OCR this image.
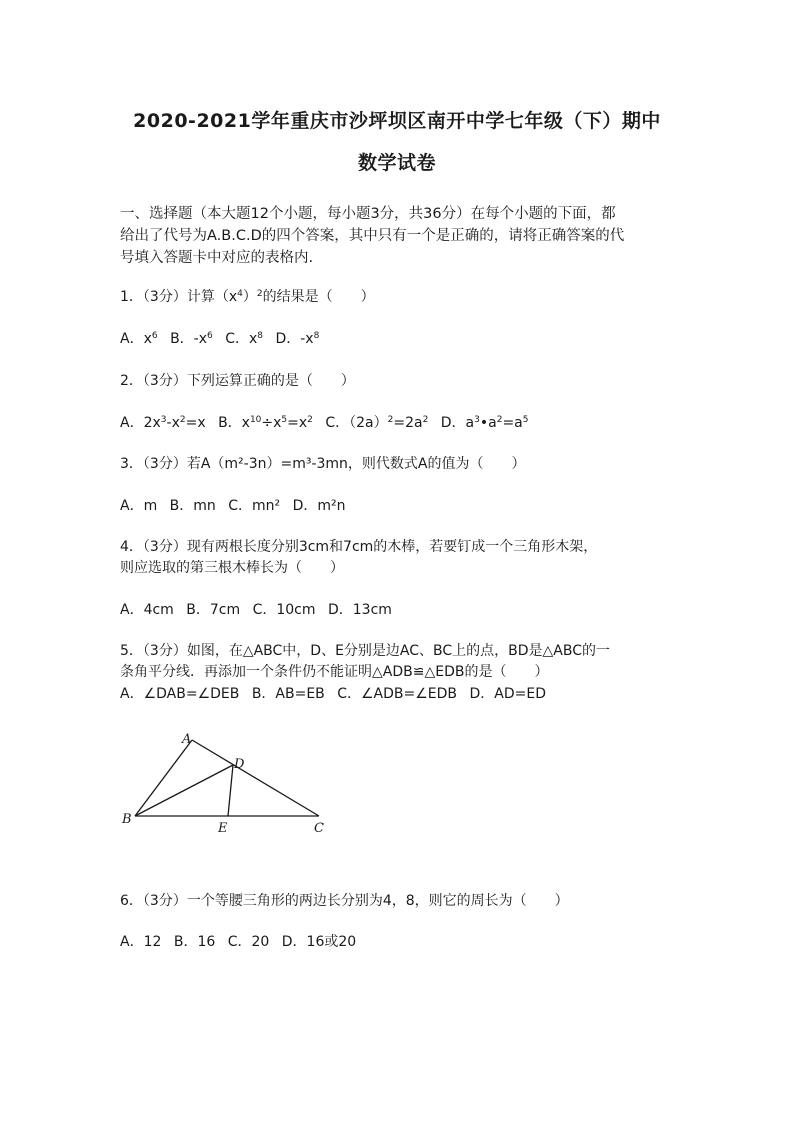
2020-2021学年重庆市沙坪坝区南开中学七年级（下）期中
数学试卷
一、选择题（本大题12个小题，每小题3分，共36分）在每个小题的下面，都
给出了代号为A.B.C.D的四个答案，其中只有一个是正确的，请将正确答案的代
号填入答题卡中对应的表格内.
1．（3分）计算$(x^4)^2$的结果是（　　）
A．$x^6$ B．$-x^6$ C．$x^8$ D．$-x^8$
2．（3分）下列运算正确的是（　　）
A．$2x^3-x^2=x$ B．$x^{10}\div x^5=x^2$ C．$(2a)^2=2a^2$ D．$a^3•a^2=a^5$
3．（3分）若A（m²-3n）=m³-3mn，则代数式A的值为（　　）
A．m B．mn C．mn² D．m²n
4．（3分）现有两根长度分别3cm和7cm的木棒，若要钉成一个三角形木架，
则应选取的第三根木棒长为（　　）
A．4cm B．7cm C．10cm D．13cm
5．（3分）如图，在△ABC中，D、E分别是边AC、BC上的点，BD是△ABC的一
条角平分线．再添加一个条件仍不能证明△ADB≌△EDB的是（　　）
A．∠DAB=∠DEB B．AB=EB C．∠ADB=∠EDB D．AD=ED
A
B
C
D
E
6．（3分）一个等腰三角形的两边长分别为4，8，则它的周长为（　　）
A．12 B．16 C．20 D．16或20
